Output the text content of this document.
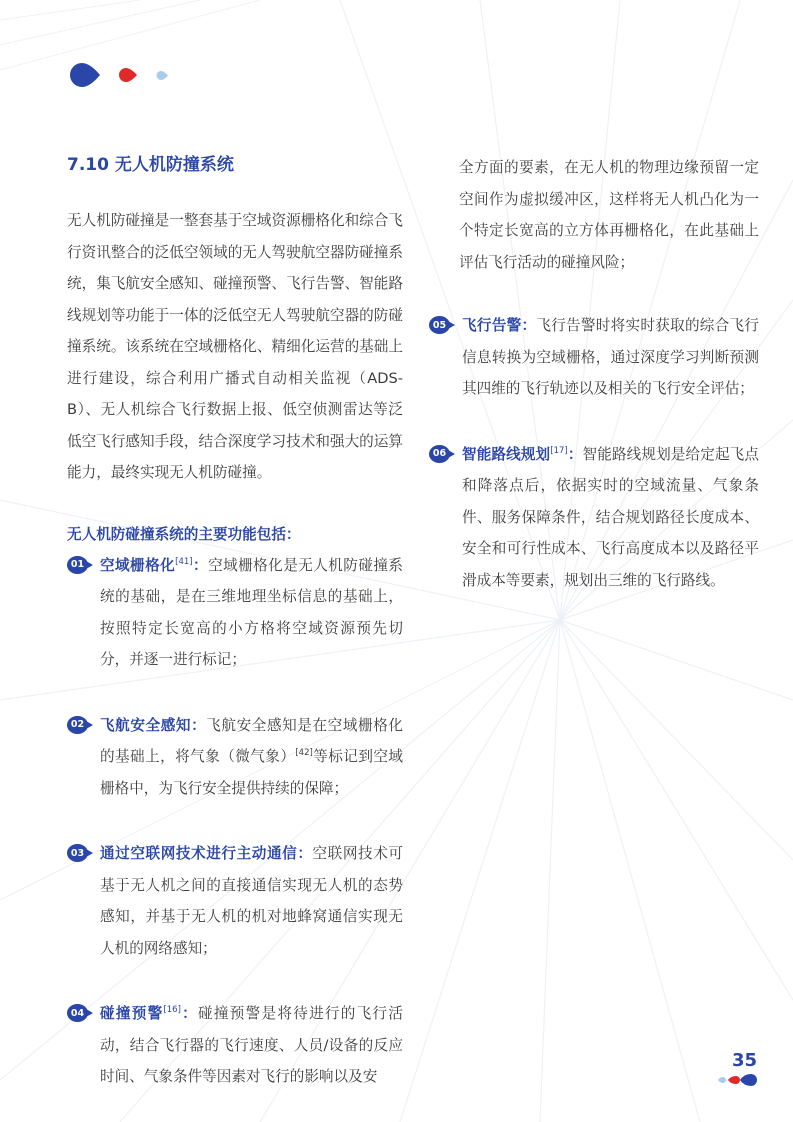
7.10 无人机防撞系统

无人机防碰撞是一整套基于空域资源栅格化和综合飞行资讯整合的泛低空领域的无人驾驶航空器防碰撞系统，集飞航安全感知、碰撞预警、飞行告警、智能路线规划等功能于一体的泛低空无人驾驶航空器的防碰撞系统。该系统在空域栅格化、精细化运营的基础上进行建设，综合利用广播式自动相关监视（ADS-B）、无人机综合飞行数据上报、低空侦测雷达等泛低空飞行感知手段，结合深度学习技术和强大的运算能力，最终实现无人机防碰撞。

无人机防碰撞系统的主要功能包括：
01 空域栅格化[41]：空域栅格化是无人机防碰撞系统的基础，是在三维地理坐标信息的基础上，按照特定长宽高的小方格将空域资源预先切分，并逐一进行标记；

02 飞航安全感知：飞航安全感知是在空域栅格化的基础上，将气象（微气象）[42]等标记到空域栅格中，为飞行安全提供持续的保障；

03 通过空联网技术进行主动通信：空联网技术可基于无人机之间的直接通信实现无人机的态势感知，并基于无人机的机对地蜂窝通信实现无人机的网络感知；

04 碰撞预警[16]：碰撞预警是将待进行的飞行活动，结合飞行器的飞行速度、人员/设备的反应时间、气象条件等因素对飞行的影响以及安

全方面的要素，在无人机的物理边缘预留一定空间作为虚拟缓冲区，这样将无人机凸化为一个特定长宽高的立方体再栅格化，在此基础上评估飞行活动的碰撞风险；

05 飞行告警：飞行告警时将实时获取的综合飞行信息转换为空域栅格，通过深度学习判断预测其四维的飞行轨迹以及相关的飞行安全评估；

06 智能路线规划[17]：智能路线规划是给定起飞点和降落点后，依据实时的空域流量、气象条件、服务保障条件，结合规划路径长度成本、安全和可行性成本、飞行高度成本以及路径平滑成本等要素，规划出三维的飞行路线。

35
